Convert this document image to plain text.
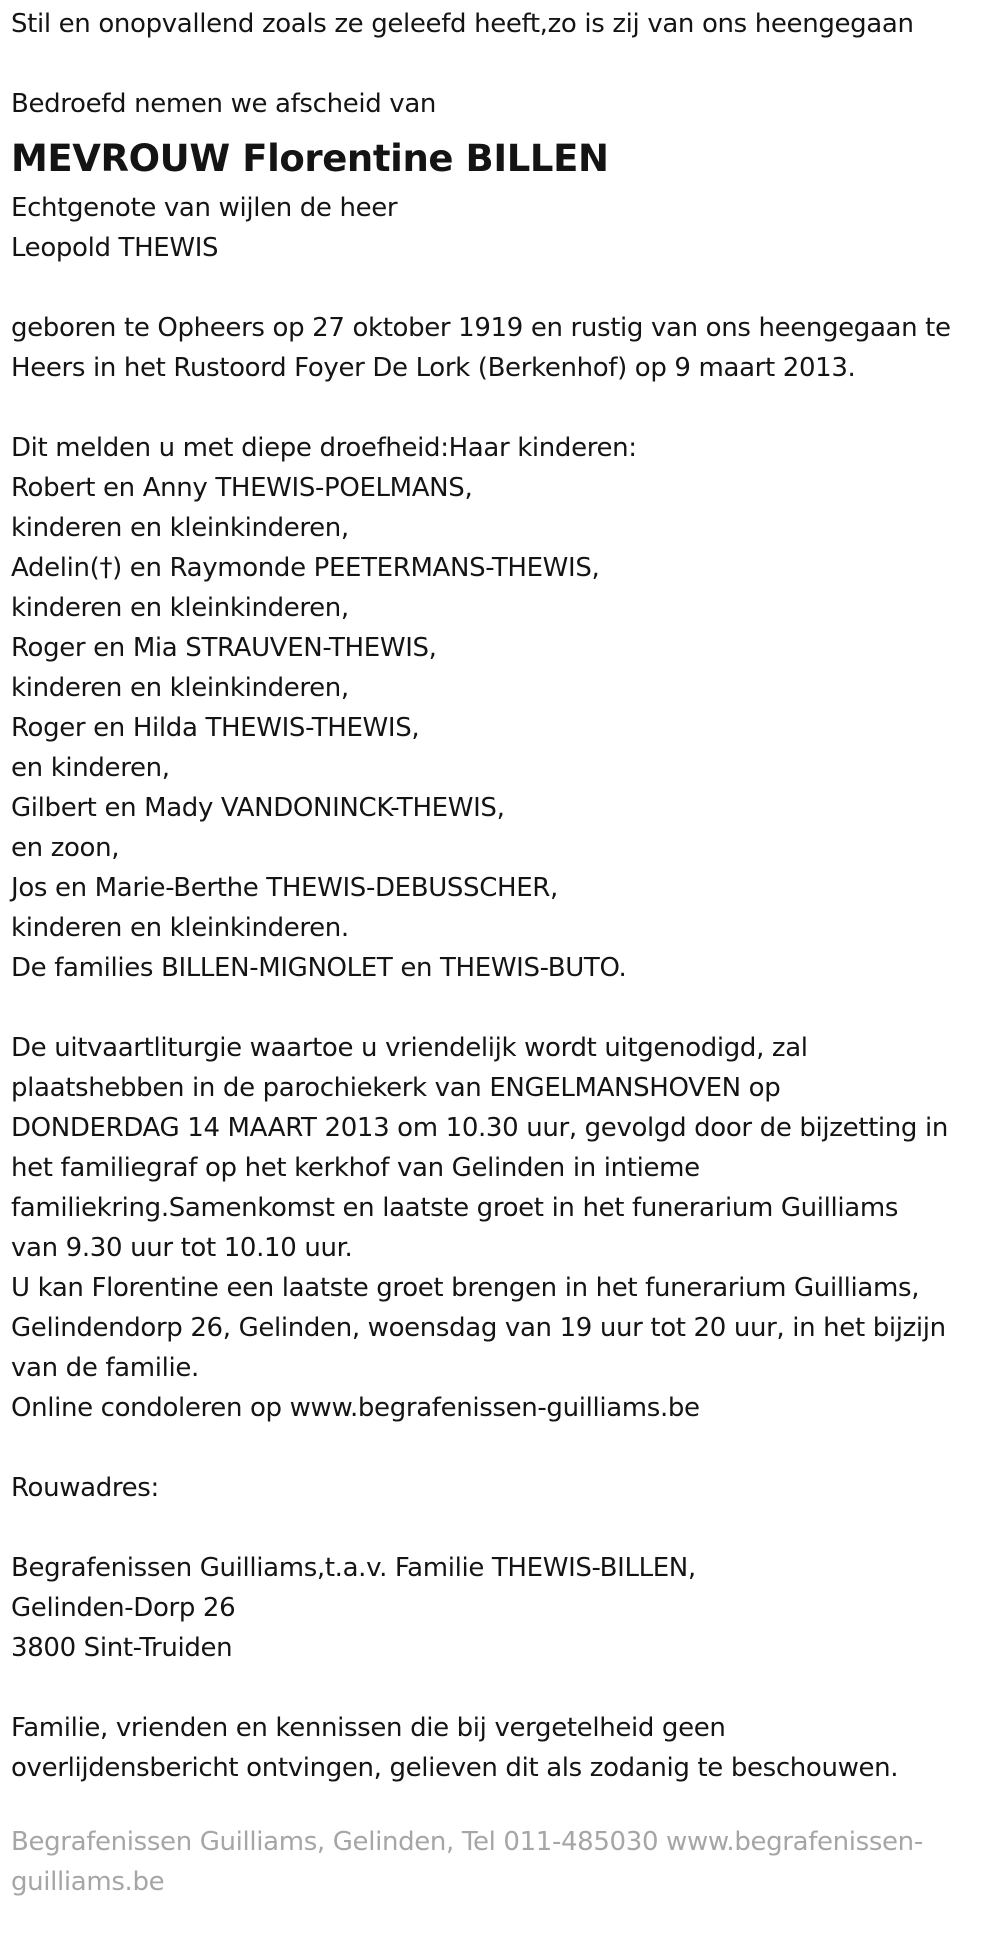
Stil en onopvallend zoals ze geleefd heeft,zo is zij van ons heengegaan
Bedroefd nemen we afscheid van
MEVROUW Florentine BILLEN
Echtgenote van wijlen de heer
Leopold THEWIS
geboren te Opheers op 27 oktober 1919 en rustig van ons heengegaan te
Heers in het Rustoord Foyer De Lork (Berkenhof) op 9 maart 2013.
Dit melden u met diepe droefheid:Haar kinderen:
Robert en Anny THEWIS-POELMANS,
kinderen en kleinkinderen,
Adelin(†) en Raymonde PEETERMANS-THEWIS,
kinderen en kleinkinderen,
Roger en Mia STRAUVEN-THEWIS,
kinderen en kleinkinderen,
Roger en Hilda THEWIS-THEWIS,
en kinderen,
Gilbert en Mady VANDONINCK-THEWIS,
en zoon,
Jos en Marie-Berthe THEWIS-DEBUSSCHER,
kinderen en kleinkinderen.
De families BILLEN-MIGNOLET en THEWIS-BUTO.
De uitvaartliturgie waartoe u vriendelijk wordt uitgenodigd, zal
plaatshebben in de parochiekerk van ENGELMANSHOVEN op
DONDERDAG 14 MAART 2013 om 10.30 uur, gevolgd door de bijzetting in
het familiegraf op het kerkhof van Gelinden in intieme
familiekring.Samenkomst en laatste groet in het funerarium Guilliams
van 9.30 uur tot 10.10 uur.
U kan Florentine een laatste groet brengen in het funerarium Guilliams,
Gelindendorp 26, Gelinden, woensdag van 19 uur tot 20 uur, in het bijzijn
van de familie.
Online condoleren op www.begrafenissen-guilliams.be
Rouwadres:
Begrafenissen Guilliams,t.a.v. Familie THEWIS-BILLEN,
Gelinden-Dorp 26
3800 Sint-Truiden
Familie, vrienden en kennissen die bij vergetelheid geen
overlijdensbericht ontvingen, gelieven dit als zodanig te beschouwen.
Begrafenissen Guilliams, Gelinden, Tel 011-485030 www.begrafenissen-
guilliams.be
